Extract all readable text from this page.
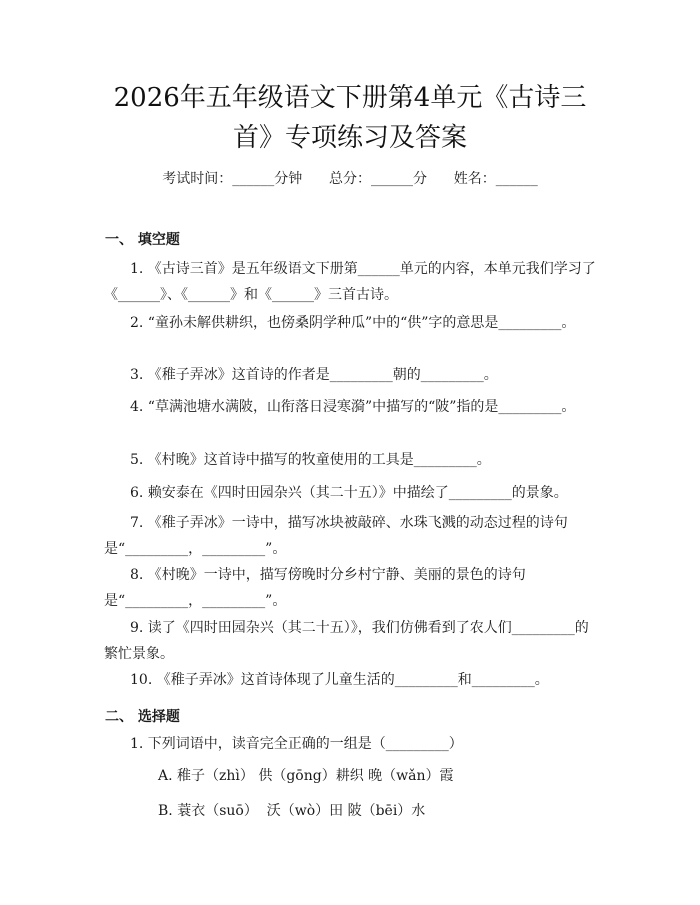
2026年五年级语文下册第4单元《古诗三首》专项练习及答案
考试时间：______分钟      总分：______分      姓名：______
一、 填空题
1. 《古诗三首》是五年级语文下册第______单元的内容，本单元我们学习了《______》、《______》和《______》三首古诗。
2. “童孙未解供耕织，也傍桑阴学种瓜”中的“供”字的意思是_________。
3. 《稚子弄冰》这首诗的作者是_________朝的_________。
4. “草满池塘水满陂，山衔落日浸寒漪”中描写的“陂”指的是_________。
5. 《村晚》这首诗中描写的牧童使用的工具是_________。
6. 赖安泰在《四时田园杂兴（其二十五）》中描绘了_________的景象。
7. 《稚子弄冰》一诗中，描写冰块被敲碎、水珠飞溅的动态过程的诗句是“_________，_________”。
8. 《村晚》一诗中，描写傍晚时分乡村宁静、美丽的景色的诗句是“_________，_________”。
9. 读了《四时田园杂兴（其二十五）》，我们仿佛看到了农人们_________的繁忙景象。
10. 《稚子弄冰》这首诗体现了儿童生活的_________和_________。
二、 选择题
1. 下列词语中，读音完全正确的一组是（_________）
A. 稚子（zhì） 供（gōng）耕织 晚（wǎn）霞
B. 蓑衣（suō）  沃（wò）田 陂（bēi）水
